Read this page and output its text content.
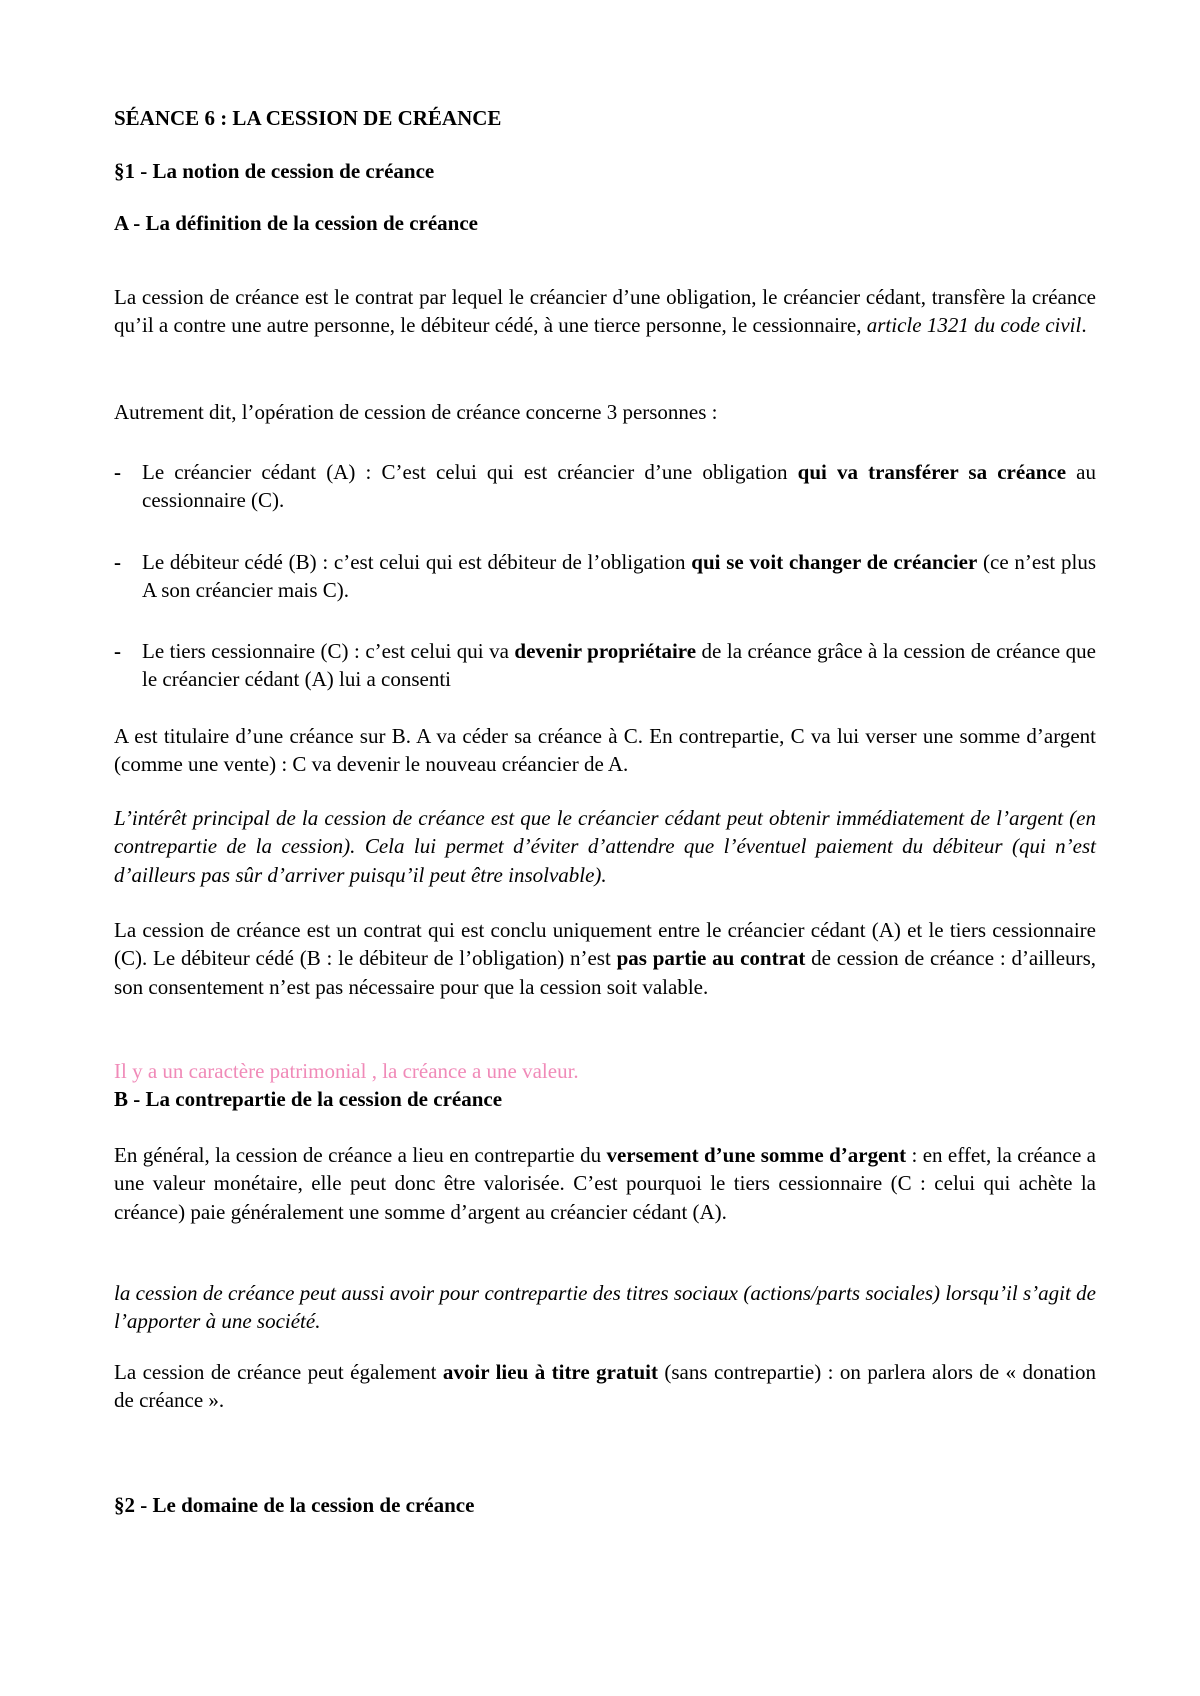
SÉANCE 6 : LA CESSION DE CRÉANCE
§1 - La notion de cession de créance
A - La définition de la cession de créance

La cession de créance est le contrat par lequel le créancier d’une obligation, le créancier cédant, transfère la créance qu’il a contre une autre personne, le débiteur cédé, à une tierce personne, le cessionnaire, article 1321 du code civil.

Autrement dit, l’opération de cession de créance concerne 3 personnes :

- Le créancier cédant (A) : C’est celui qui est créancier d’une obligation qui va transférer sa créance au cessionnaire (C).
- Le débiteur cédé (B) : c’est celui qui est débiteur de l’obligation qui se voit changer de créancier (ce n’est plus A son créancier mais C).
- Le tiers cessionnaire (C) : c’est celui qui va devenir propriétaire de la créance grâce à la cession de créance que le créancier cédant (A) lui a consenti

A est titulaire d’une créance sur B. A va céder sa créance à C. En contrepartie, C va lui verser une somme d’argent (comme une vente) : C va devenir le nouveau créancier de A.

L’intérêt principal de la cession de créance est que le créancier cédant peut obtenir immédiatement de l’argent (en contrepartie de la cession). Cela lui permet d’éviter d’attendre que l’éventuel paiement du débiteur (qui n’est d’ailleurs pas sûr d’arriver puisqu’il peut être insolvable).

La cession de créance est un contrat qui est conclu uniquement entre le créancier cédant (A) et le tiers cessionnaire (C). Le débiteur cédé (B : le débiteur de l’obligation) n’est pas partie au contrat de cession de créance : d’ailleurs, son consentement n’est pas nécessaire pour que la cession soit valable.

Il y a un caractère patrimonial , la créance a une valeur.

B - La contrepartie de la cession de créance

En général, la cession de créance a lieu en contrepartie du versement d’une somme d’argent : en effet, la créance a une valeur monétaire, elle peut donc être valorisée. C’est pourquoi le tiers cessionnaire (C : celui qui achète la créance) paie généralement une somme d’argent au créancier cédant (A).

la cession de créance peut aussi avoir pour contrepartie des titres sociaux (actions/parts sociales) lorsqu’il s’agit de l’apporter à une société.

La cession de créance peut également avoir lieu à titre gratuit (sans contrepartie) : on parlera alors de « donation de créance ».

§2 - Le domaine de la cession de créance
